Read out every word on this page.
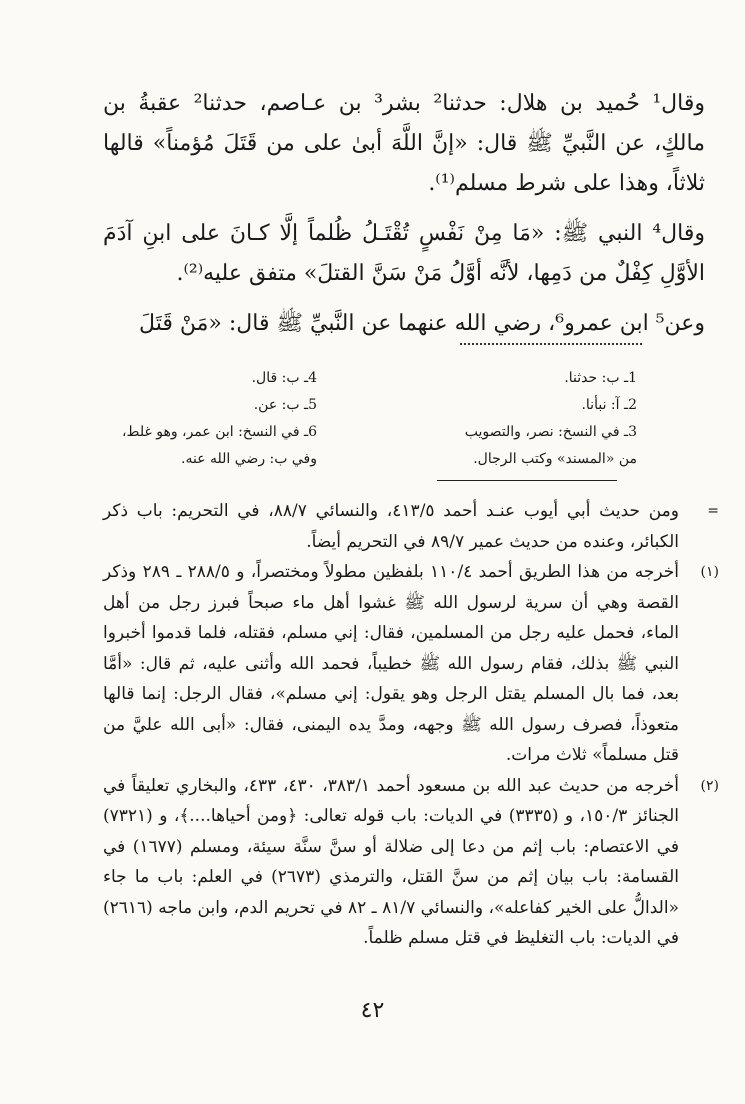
وقال¹ حُميد بن هلال: حدثنا² بشر³ بن عـاصم، حدثنا² عقبةُ بن مالكٍ، عن النَّبيِّ ﷺ قال: «إنَّ اللَّهَ أبىٰ على من قَتَلَ مُؤمناً» قالها ثلاثاً، وهذا على شرط مسلم⁽¹⁾.

وقال⁴ النبي ﷺ: «مَا مِنْ نَفْسٍ تُقْتَـلُ ظُلماً إلَّا كـانَ على ابنِ آدَمَ الأوَّلِ كِفْلٌ من دَمِها، لأنَّه أوَّلُ مَنْ سَنَّ القتلَ» متفق عليه⁽²⁾.

وعن⁵ ابن عمرو⁶، رضي الله عنهما عن النَّبيِّ ﷺ قال: «مَنْ قَتَلَ

1ـ ب: حدثنا.
2ـ آ: نبأنا.
3ـ في النسخ: نصر، والتصويب
من «المسند» وكتب الرجال.
4ـ ب: قال.
5ـ ب: عن.
6ـ في النسخ: ابن عمر، وهو غلط،
وفي ب: رضي الله عنه.
=
ومن حديث أبي أيوب عنـد أحمد ٤١٣/٥، والنسائي ٨٨/٧، في التحريم: باب ذكر الكبائر، وعنده من حديث عمير ٨٩/٧ في التحريم أيضاً.
(١)
أخرجه من هذا الطريق أحمد ١١٠/٤ بلفظين مطولاً ومختصراً، و ٢٨٨/٥ ـ ٢٨٩ وذكر القصة وهي أن سرية لرسول الله ﷺ غشوا أهل ماء صبحاً فبرز رجل من أهل الماء، فحمل عليه رجل من المسلمين، فقال: إني مسلم، فقتله، فلما قدموا أخبروا النبي ﷺ بذلك، فقام رسول الله ﷺ خطيباً، فحمد الله وأثنى عليه، ثم قال: «أمَّا بعد، فما بال المسلم يقتل الرجل وهو يقول: إني مسلم»، فقال الرجل: إنما قالها متعوذاً، فصرف رسول الله ﷺ وجهه، ومدَّ يده اليمنى، فقال: «أبى الله عليَّ من قتل مسلماً» ثلاث مرات.
(٢)
أخرجه من حديث عبد الله بن مسعود أحمد ٣٨٣/١، ٤٣٠، ٤٣٣، والبخاري تعليقاً في الجنائز ١٥٠/٣، و (٣٣٣٥) في الديات: باب قوله تعالى: ﴿ومن أحياها....﴾، و (٧٣٢١) في الاعتصام: باب إثم من دعا إلى ضلالة أو سنَّ سنَّة سيئة، ومسلم (١٦٧٧) في القسامة: باب بيان إثم من سنَّ القتل، والترمذي (٢٦٧٣) في العلم: باب ما جاء «الدالُّ على الخير كفاعله»، والنسائي ٨١/٧ ـ ٨٢ في تحريم الدم، وابن ماجه (٢٦١٦) في الديات: باب التغليظ في قتل مسلم ظلماً.
٤٢
